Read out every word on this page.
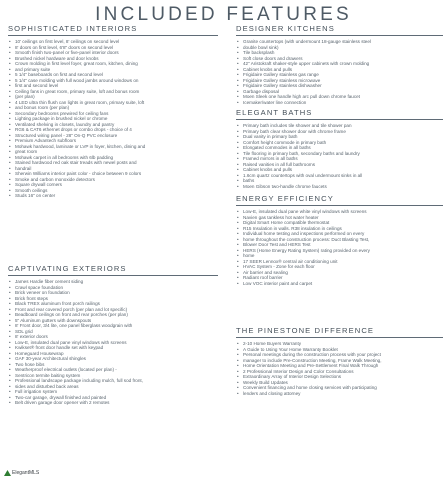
INCLUDED FEATURES
SOPHISTICATED INTERIORS
• 10' ceilings on first level, 8' ceilings on second level
• 8' doors on first level, 6'8" doors on second level
• Smooth finish two-panel or five-panel interior doors
• Brushed nickel hardware and door knobs
• Crown molding in first level foyer, great room, kitchen, dining
• and primary suite
• 5 1/4" baseboards on first and second level
• 5 1/4" case molding with full wood jambs around windows on
• first and second level
• Ceiling fans in great room, primary suite, loft and bonus room
• (per plan)
• 4 LED ultra thin flush can lights in great room, primary suite, loft
• and bonus room (per plan)
• Secondary bedrooms prewired for ceiling fans
• Lighting package in brushed nickel or chrome
• Ventilated shelving in closets, laundry and pantry
• RG6 & CAT6 ethernet drops or combo drops - choice of 4
• Structured wiring panel - 28" On-Q PVC enclosure
• Premium Advantech subfloors
• Mohawk hardwood, laminate or LVP in foyer, kitchen, dining and
• great room
• Mohawk carpet in all bedrooms with 6lb padding
• Stained hardwood red oak stair treads with newel posts and
• handrail
• Sherwin Williams interior paint color - choice between 9 colors
• Smoke and carbon monoxide detectors
• Square drywall corners
• Smooth ceilings
• Studs 16" on center
CAPTIVATING EXTERIORS
• James Hardie fiber cement siding
• Crawl space foundation
• Brick veneer on foundation
• Brick front steps
• Black TREX aluminum front porch railings
• Front and rear covered porch (per plan and lot specific)
• Beadboard ceilings on front and rear porches (per plan)
• 5" Aluminum gutters with downspouts
• 8' Front door, 3/4 lite, one panel fiberglass woodgrain with
• SDL grid
• 8' exterior doors
• Low-E, insulated dual pane vinyl windows with screens
• Kwikset® front door handle set with keypad
• Homeguard Housewrap
• GAF 30-year Architectural shingles
• Two hose bibs
• Weatherproof electrical outlets (located per plan) -
• Sentricon termite baiting system
• Professional landscape package including mulch, full sod front,
• sides and disturbed back areas
• Full irrigation system
• Two-car garage, drywall finished and painted
• Belt driven garage door opener with 2 remotes
DESIGNER KITCHENS
• Granite countertops (with undermount 18-gauge stainless steel
• double bowl sink)
• Tile backsplash
• Soft close doors and drawers
• 42" Aristokraft shaker-style upper cabinets with crown molding
• Cabinet knobs and pulls
• Frigidaire Gallery stainless gas range
• Frigidaire Gallery stainless microwave
• Frigidaire Gallery stainless dishwasher
• Garbage disposal
• Moen Sleek one handle high arc pull down chrome faucet
• Icemaker/water line connection
ELEGANT BATHS
• Primary bath includes tile shower and tile shower pan
• Primary bath clear shower door with chrome frame
• Dual vanity in primary bath
• Comfort height commode in primary bath
• Elongated commodes in all baths
• Tile flooring in primary bath, secondary baths and laundry
• Framed mirrors in all baths
• Raised vanities in all full bathrooms
• Cabinet knobs and pulls
• 1.6cm quartz countertops with oval undermount sinks in all
• baths
• Moen Gibson two-handle chrome faucets
ENERGY EFFICIENCY
• Low-E, insulated dual pane white vinyl windows with screens
• Navien gas tankless hot water heater
• Digital Smart Home compatible thermostat
• R15 Insulation in walls. R38 insulation in ceilings
• Individual home testing and inspections performed on every
• home throughout the construction process: Duct Blasting Test,
• Blower Door Test and HERS Test
• HERS (Home Energy Rating System) rating provided on every
• home
• 17 SEER Lennox® central air conditioning unit
• HVAC System - Zone for each floor
• Air barrier and sealing
• Radiant roof barrier
• Low VOC interior paint and carpet
THE PINESTONE DIFFERENCE
• 2-10 Home Buyers Warranty
• A Guide to Using Your Home Warranty Booklet
• Personal meetings during the construction process with your project
• manager to include Pre-Construction Meeting, Frame Walk Meeting,
• Home Orientation Meeting and Pre-Settlement Final Walk Through
• 2 Professional Interior Design and Color Consultations
• Extraordinary Array of Interior Design Selections
• Weekly Build Updates
• Convenient financing and home closing services with participating
• lenders and closing attorney
ElegantMLS
